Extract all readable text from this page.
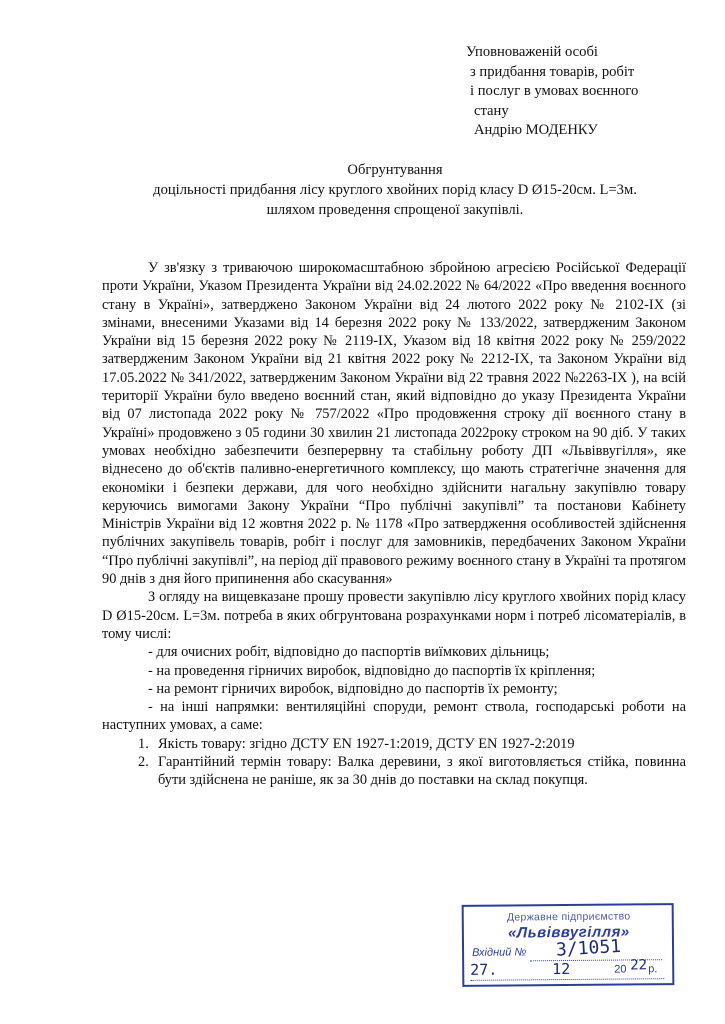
Уповноваженій особі
з придбання товарів, робіт
і послуг в умовах воєнного
стану
Андрію МОДЕНКУ
Обгрунтування
доцільності придбання лісу круглого хвойних порід класу D Ø15-20см. L=3м.
шляхом проведення спрощеної закупівлі.

У зв'язку з триваючою широкомасштабною збройною агресією Російської Федерації проти України, Указом Президента України від 24.02.2022 № 64/2022 «Про введення воєнного стану в Україні», затверджено Законом України від 24 лютого 2022 року № 2102-IX (зі змінами, внесеними Указами від 14 березня 2022 року № 133/2022, затвердженим Законом України від 15 березня 2022 року № 2119-IX, Указом від 18 квітня 2022 року № 259/2022 затвердженим Законом України від 21 квітня 2022 року № 2212-IX, та Законом України від 17.05.2022 № 341/2022, затвердженим Законом України від 22 травня 2022 №2263-IX ), на всій території України було введено воєнний стан, який відповідно до указу Президента України від 07 листопада 2022 року № 757/2022 «Про продовження строку дії воєнного стану в Україні» продовжено з 05 години 30 хвилин 21 листопада 2022року строком на 90 діб. У таких умовах необхідно забезпечити безперервну та стабільну роботу ДП «Львіввугілля», яке віднесено до об'єктів паливно-енергетичного комплексу, що мають стратегічне значення для економіки і безпеки держави, для чого необхідно здійснити нагальну закупівлю товару керуючись вимогами Закону України “Про публічні закупівлі” та постанови Кабінету Міністрів України від 12 жовтня 2022 р. № 1178 «Про затвердження особливостей здійснення публічних закупівель товарів, робіт і послуг для замовників, передбачених Законом України “Про публічні закупівлі”, на період дії правового режиму воєнного стану в Україні та протягом 90 днів з дня його припинення або скасування»

З огляду на вищевказане прошу провести закупівлю лісу круглого хвойних порід класу D Ø15-20см. L=3м. потреба в яких обгрунтована розрахунками норм і потреб лісоматеріалів, в тому числі:

- для очисних робіт, відповідно до паспортів виїмкових дільниць;
- на проведення гірничих виробок, відповідно до паспортів їх кріплення;
- на ремонт гірничих виробок, відповідно до паспортів їх ремонту;
- на інші напрямки: вентиляційні споруди, ремонт ствола, господарські роботи на наступних умовах, а саме:
1. Якість товару: згідно ДСТУ EN 1927-1:2019, ДСТУ EN 1927-2:2019
2. Гарантійний термін товару: Валка деревини, з якої виготовляється стійка, повинна бути здійснена не раніше, як за 30 днів до поставки на склад покупця.
Державне підприємство
«Львіввугілля»
Вхідний № 3/1051
27.	12	20 22 р.
